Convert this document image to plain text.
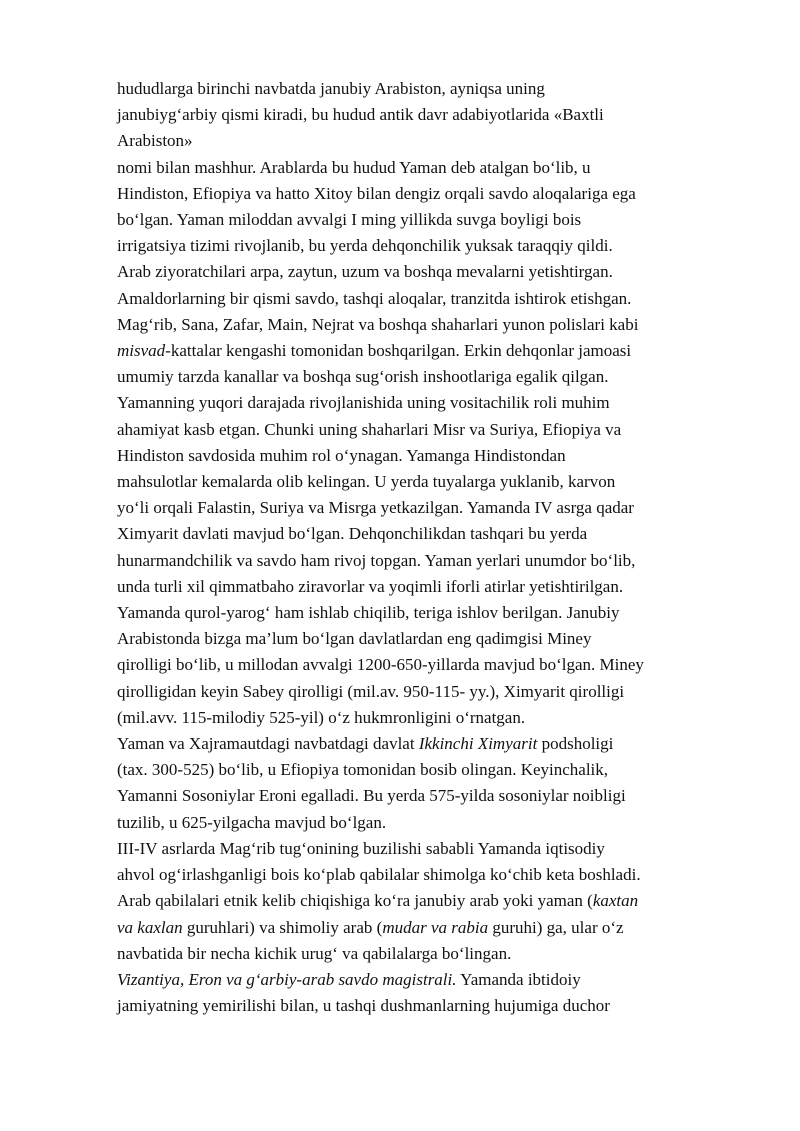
hududlarga birinchi navbatda janubiy Arabiston, ayniqsa uning
janubiyg‘arbiy qismi kiradi, bu hudud antik davr adabiyotlarida «Baxtli
Arabiston»
nomi bilan mashhur. Arablarda bu hudud Yaman deb atalgan bo‘lib, u
Hindiston, Efiopiya va hatto Xitoy bilan dengiz orqali savdo aloqalariga ega
bo‘lgan. Yaman miloddan avvalgi I ming yillikda suvga boyligi bois
irrigatsiya tizimi rivojlanib, bu yerda dehqonchilik yuksak taraqqiy qildi.
Arab ziyoratchilari arpa, zaytun, uzum va boshqa mevalarni yetishtirgan.
Amaldorlarning bir qismi savdo, tashqi aloqalar, tranzitda ishtirok etishgan.
Mag‘rib, Sana, Zafar, Main, Nejrat va boshqa shaharlari yunon polislari kabi
misvad-kattalar kengashi tomonidan boshqarilgan. Erkin dehqonlar jamoasi
umumiy tarzda kanallar va boshqa sug‘orish inshootlariga egalik qilgan.
Yamanning yuqori darajada rivojlanishida uning vositachilik roli muhim
ahamiyat kasb etgan. Chunki uning shaharlari Misr va Suriya, Efiopiya va
Hindiston savdosida muhim rol o‘ynagan. Yamanga Hindistondan
mahsulotlar kemalarda olib kelingan. U yerda tuyalarga yuklanib, karvon
yo‘li orqali Falastin, Suriya va Misrga yetkazilgan. Yamanda IV asrga qadar
Ximyarit davlati mavjud bo‘lgan. Dehqonchilikdan tashqari bu yerda
hunarmandchilik va savdo ham rivoj topgan. Yaman yerlari unumdor bo‘lib,
unda turli xil qimmatbaho ziravorlar va yoqimli iforli atirlar yetishtirilgan.
Yamanda qurol-yarog‘ ham ishlab chiqilib, teriga ishlov berilgan. Janubiy
Arabistonda bizga ma’lum bo‘lgan davlatlardan eng qadimgisi Miney
qirolligi bo‘lib, u millodan avvalgi 1200-650-yillarda mavjud bo‘lgan. Miney
qirolligidan keyin Sabey qirolligi (mil.av. 950-115- yy.), Ximyarit qirolligi
(mil.avv. 115-milodiy 525-yil) o‘z hukmronligini o‘rnatgan.
Yaman va Xajramautdagi navbatdagi davlat Ikkinchi Ximyarit podsholigi
(tax. 300-525) bo‘lib, u Efiopiya tomonidan bosib olingan. Keyinchalik,
Yamanni Sosoniylar Eroni egalladi. Bu yerda 575-yilda sosoniylar noibligi
tuzilib, u 625-yilgacha mavjud bo‘lgan.
III-IV asrlarda Mag‘rib tug‘onining buzilishi sababli Yamanda iqtisodiy
ahvol og‘irlashganligi bois ko‘plab qabilalar shimolga ko‘chib keta boshladi.
Arab qabilalari etnik kelib chiqishiga ko‘ra janubiy arab yoki yaman (kaxtan
va kaxlan guruhlari) va shimoliy arab (mudar va rabia guruhi) ga, ular o‘z
navbatida bir necha kichik urug‘ va qabilalarga bo‘lingan.
Vizantiya, Eron va g‘arbiy-arab savdo magistrali. Yamanda ibtidoiy
jamiyatning yemirilishi bilan, u tashqi dushmanlarning hujumiga duchor
